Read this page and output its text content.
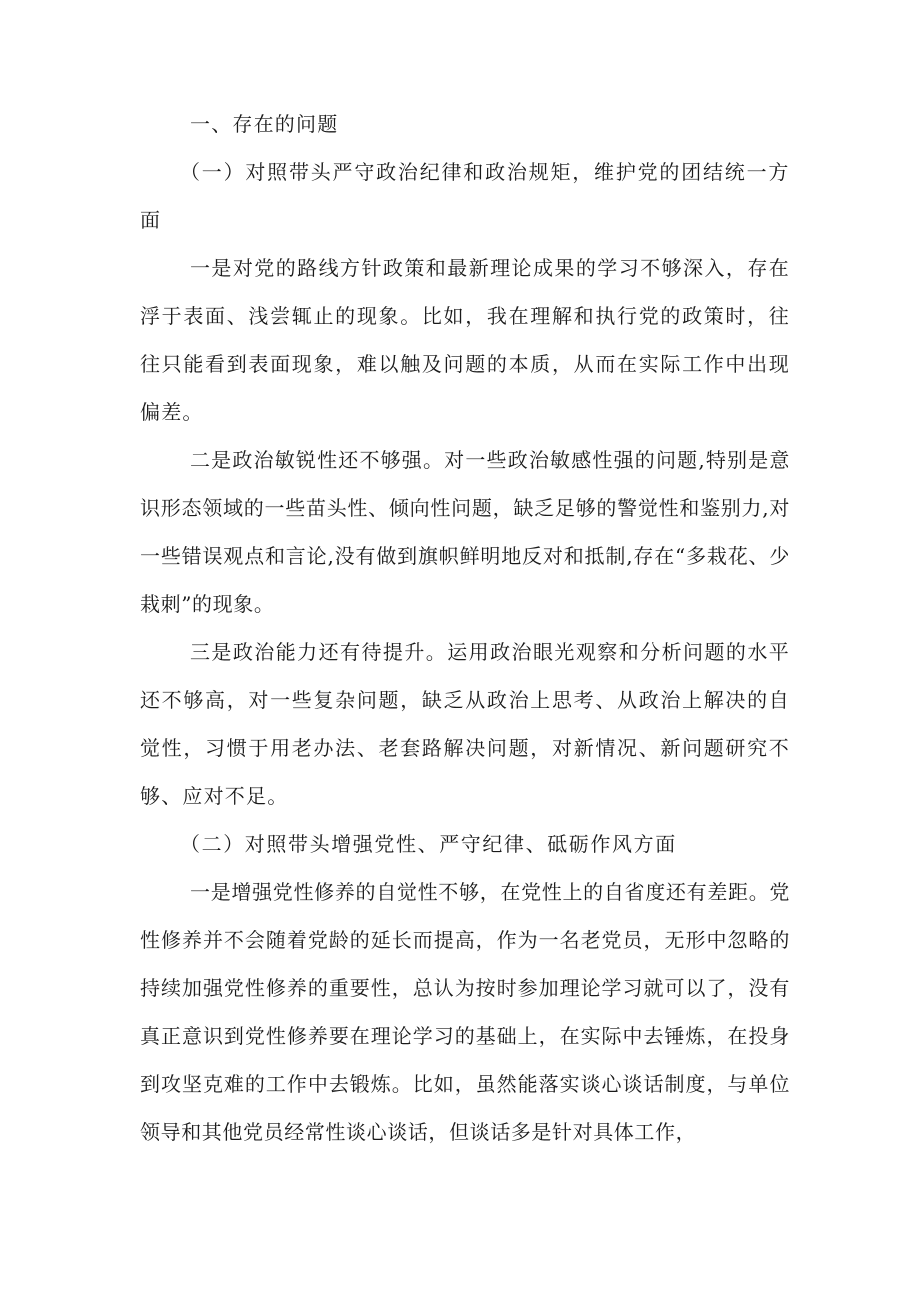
一、存在的问题

（一）对照带头严守政治纪律和政治规矩，维护党的团结统一方面

一是对党的路线方针政策和最新理论成果的学习不够深入，存在浮于表面、浅尝辄止的现象。比如，我在理解和执行党的政策时，往往只能看到表面现象，难以触及问题的本质，从而在实际工作中出现偏差。

二是政治敏锐性还不够强。对一些政治敏感性强的问题,特别是意识形态领域的一些苗头性、倾向性问题，缺乏足够的警觉性和鉴别力,对一些错误观点和言论,没有做到旗帜鲜明地反对和抵制,存在“多栽花、少栽刺”的现象。

三是政治能力还有待提升。运用政治眼光观察和分析问题的水平还不够高，对一些复杂问题，缺乏从政治上思考、从政治上解决的自觉性，习惯于用老办法、老套路解决问题，对新情况、新问题研究不够、应对不足。

（二）对照带头增强党性、严守纪律、砥砺作风方面

一是增强党性修养的自觉性不够，在党性上的自省度还有差距。党性修养并不会随着党龄的延长而提高，作为一名老党员，无形中忽略的持续加强党性修养的重要性，总认为按时参加理论学习就可以了，没有真正意识到党性修养要在理论学习的基础上，在实际中去锤炼，在投身到攻坚克难的工作中去锻炼。比如，虽然能落实谈心谈话制度，与单位领导和其他党员经常性谈心谈话，但谈话多是针对具体工作，
